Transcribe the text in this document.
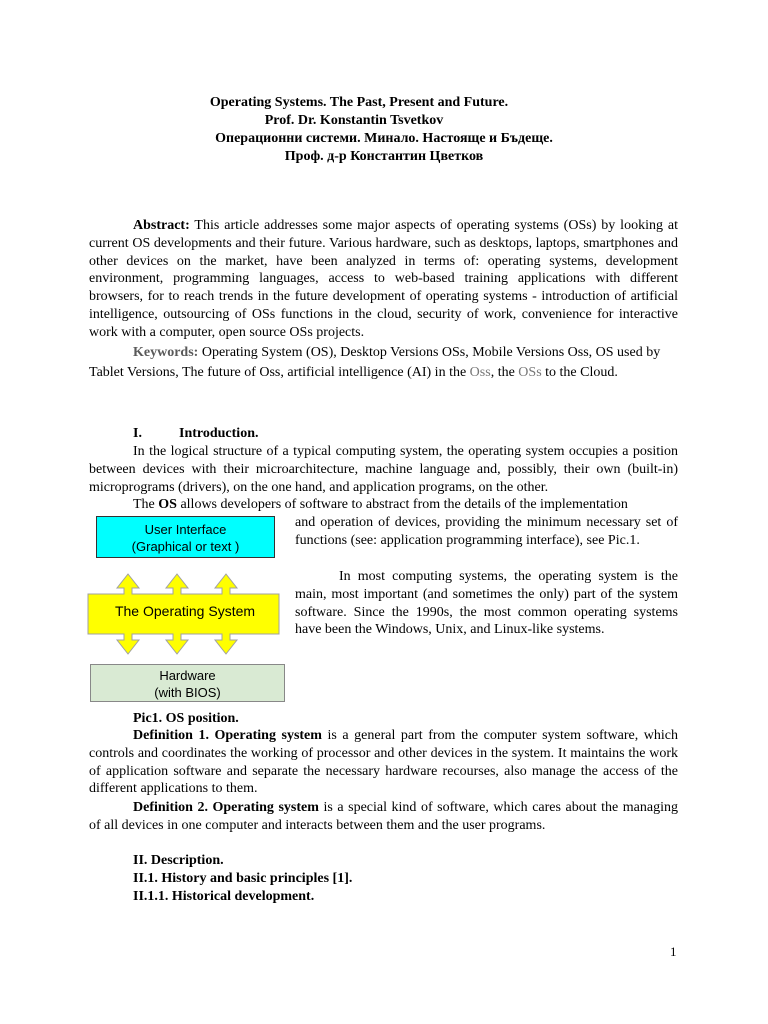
Operating Systems. The Past, Present and Future.
Prof. Dr. Konstantin Tsvetkov
Операционни системи. Минало. Настояще и Бъдеще.
Проф. д-р Константин Цветков
Abstract: This article addresses some major aspects of operating systems (OSs) by looking at current OS developments and their future. Various hardware, such as desktops, laptops, smartphones and other devices on the market, have been analyzed in terms of: operating systems, development environment, programming languages, access to web-based training applications with different browsers, for to reach trends in the future development of operating systems - introduction of artificial intelligence, outsourcing of OSs functions in the cloud, security of work, convenience for interactive work with a computer, open source OSs projects.
Keywords: Operating System (OS), Desktop Versions OSs, Mobile Versions Oss, OS used by Tablet Versions, The future of Oss, artificial intelligence (AI) in the Oss, the OSs to the Cloud.
I.	Introduction.
In the logical structure of a typical computing system, the operating system occupies a position between devices with their microarchitecture, machine language and, possibly, their own (built-in) microprograms (drivers), on the one hand, and application programs, on the other.
The OS allows developers of software to abstract from the details of the implementation
and operation of devices, providing the minimum necessary set of functions (see: application programming interface), see Pic.1.
In most computing systems, the operating system is the main, most important (and sometimes the only) part of the system software. Since the 1990s, the most common operating systems have been the Windows, Unix, and Linux-like systems.
User Interface
(Graphical or text )
The Operating System
Hardware
(with BIOS)
Pic1. OS position.
Definition 1. Operating system is a general part from the computer system software, which controls and coordinates the working of processor and other devices in the system. It maintains the work of application software and separate the necessary hardware recourses, also manage the access of the different applications to them.
Definition 2. Operating system is a special kind of software, which cares about the managing of all devices in one computer and interacts between them and the user programs.
II. Description.
II.1. History and basic principles [1].
II.1.1. Historical development.
1
